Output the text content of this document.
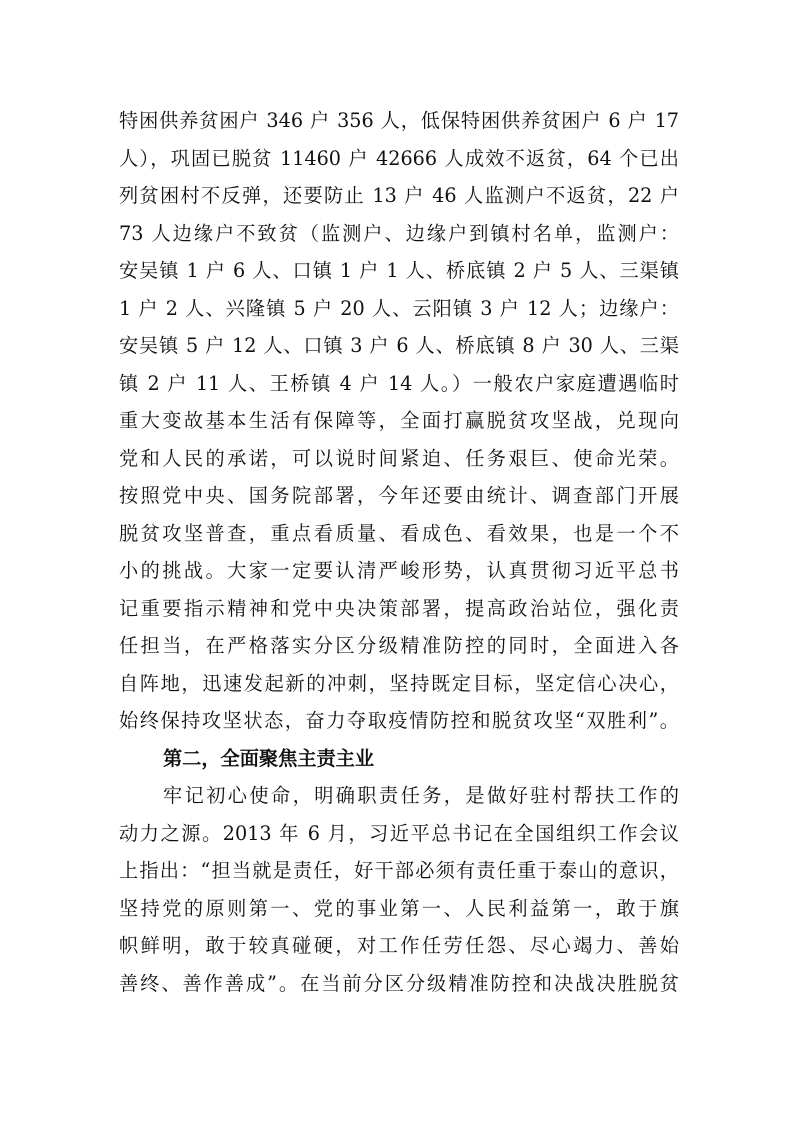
特困供养贫困户 346 户 356 人，低保特困供养贫困户 6 户 17
人），巩固已脱贫 11460 户 42666 人成效不返贫，64 个已出
列贫困村不反弹，还要防止 13 户 46 人监测户不返贫，22 户
73 人边缘户不致贫（监测户、边缘户到镇村名单，监测户：
安吴镇 1 户 6 人、口镇 1 户 1 人、桥底镇 2 户 5 人、三渠镇
1 户 2 人、兴隆镇 5 户 20 人、云阳镇 3 户 12 人；边缘户：
安吴镇 5 户 12 人、口镇 3 户 6 人、桥底镇 8 户 30 人、三渠
镇 2 户 11 人、王桥镇 4 户 14 人。）一般农户家庭遭遇临时
重大变故基本生活有保障等，全面打赢脱贫攻坚战，兑现向
党和人民的承诺，可以说时间紧迫、任务艰巨、使命光荣。
按照党中央、国务院部署，今年还要由统计、调查部门开展
脱贫攻坚普查，重点看质量、看成色、看效果，也是一个不
小的挑战。大家一定要认清严峻形势，认真贯彻习近平总书
记重要指示精神和党中央决策部署，提高政治站位，强化责
任担当，在严格落实分区分级精准防控的同时，全面进入各
自阵地，迅速发起新的冲刺，坚持既定目标，坚定信心决心，
始终保持攻坚状态，奋力夺取疫情防控和脱贫攻坚“双胜利”。
第二，全面聚焦主责主业
牢记初心使命，明确职责任务，是做好驻村帮扶工作的
动力之源。2013 年 6 月，习近平总书记在全国组织工作会议
上指出：“担当就是责任，好干部必须有责任重于泰山的意识，
坚持党的原则第一、党的事业第一、人民利益第一，敢于旗
帜鲜明，敢于较真碰硬，对工作任劳任怨、尽心竭力、善始
善终、善作善成”。在当前分区分级精准防控和决战决胜脱贫
